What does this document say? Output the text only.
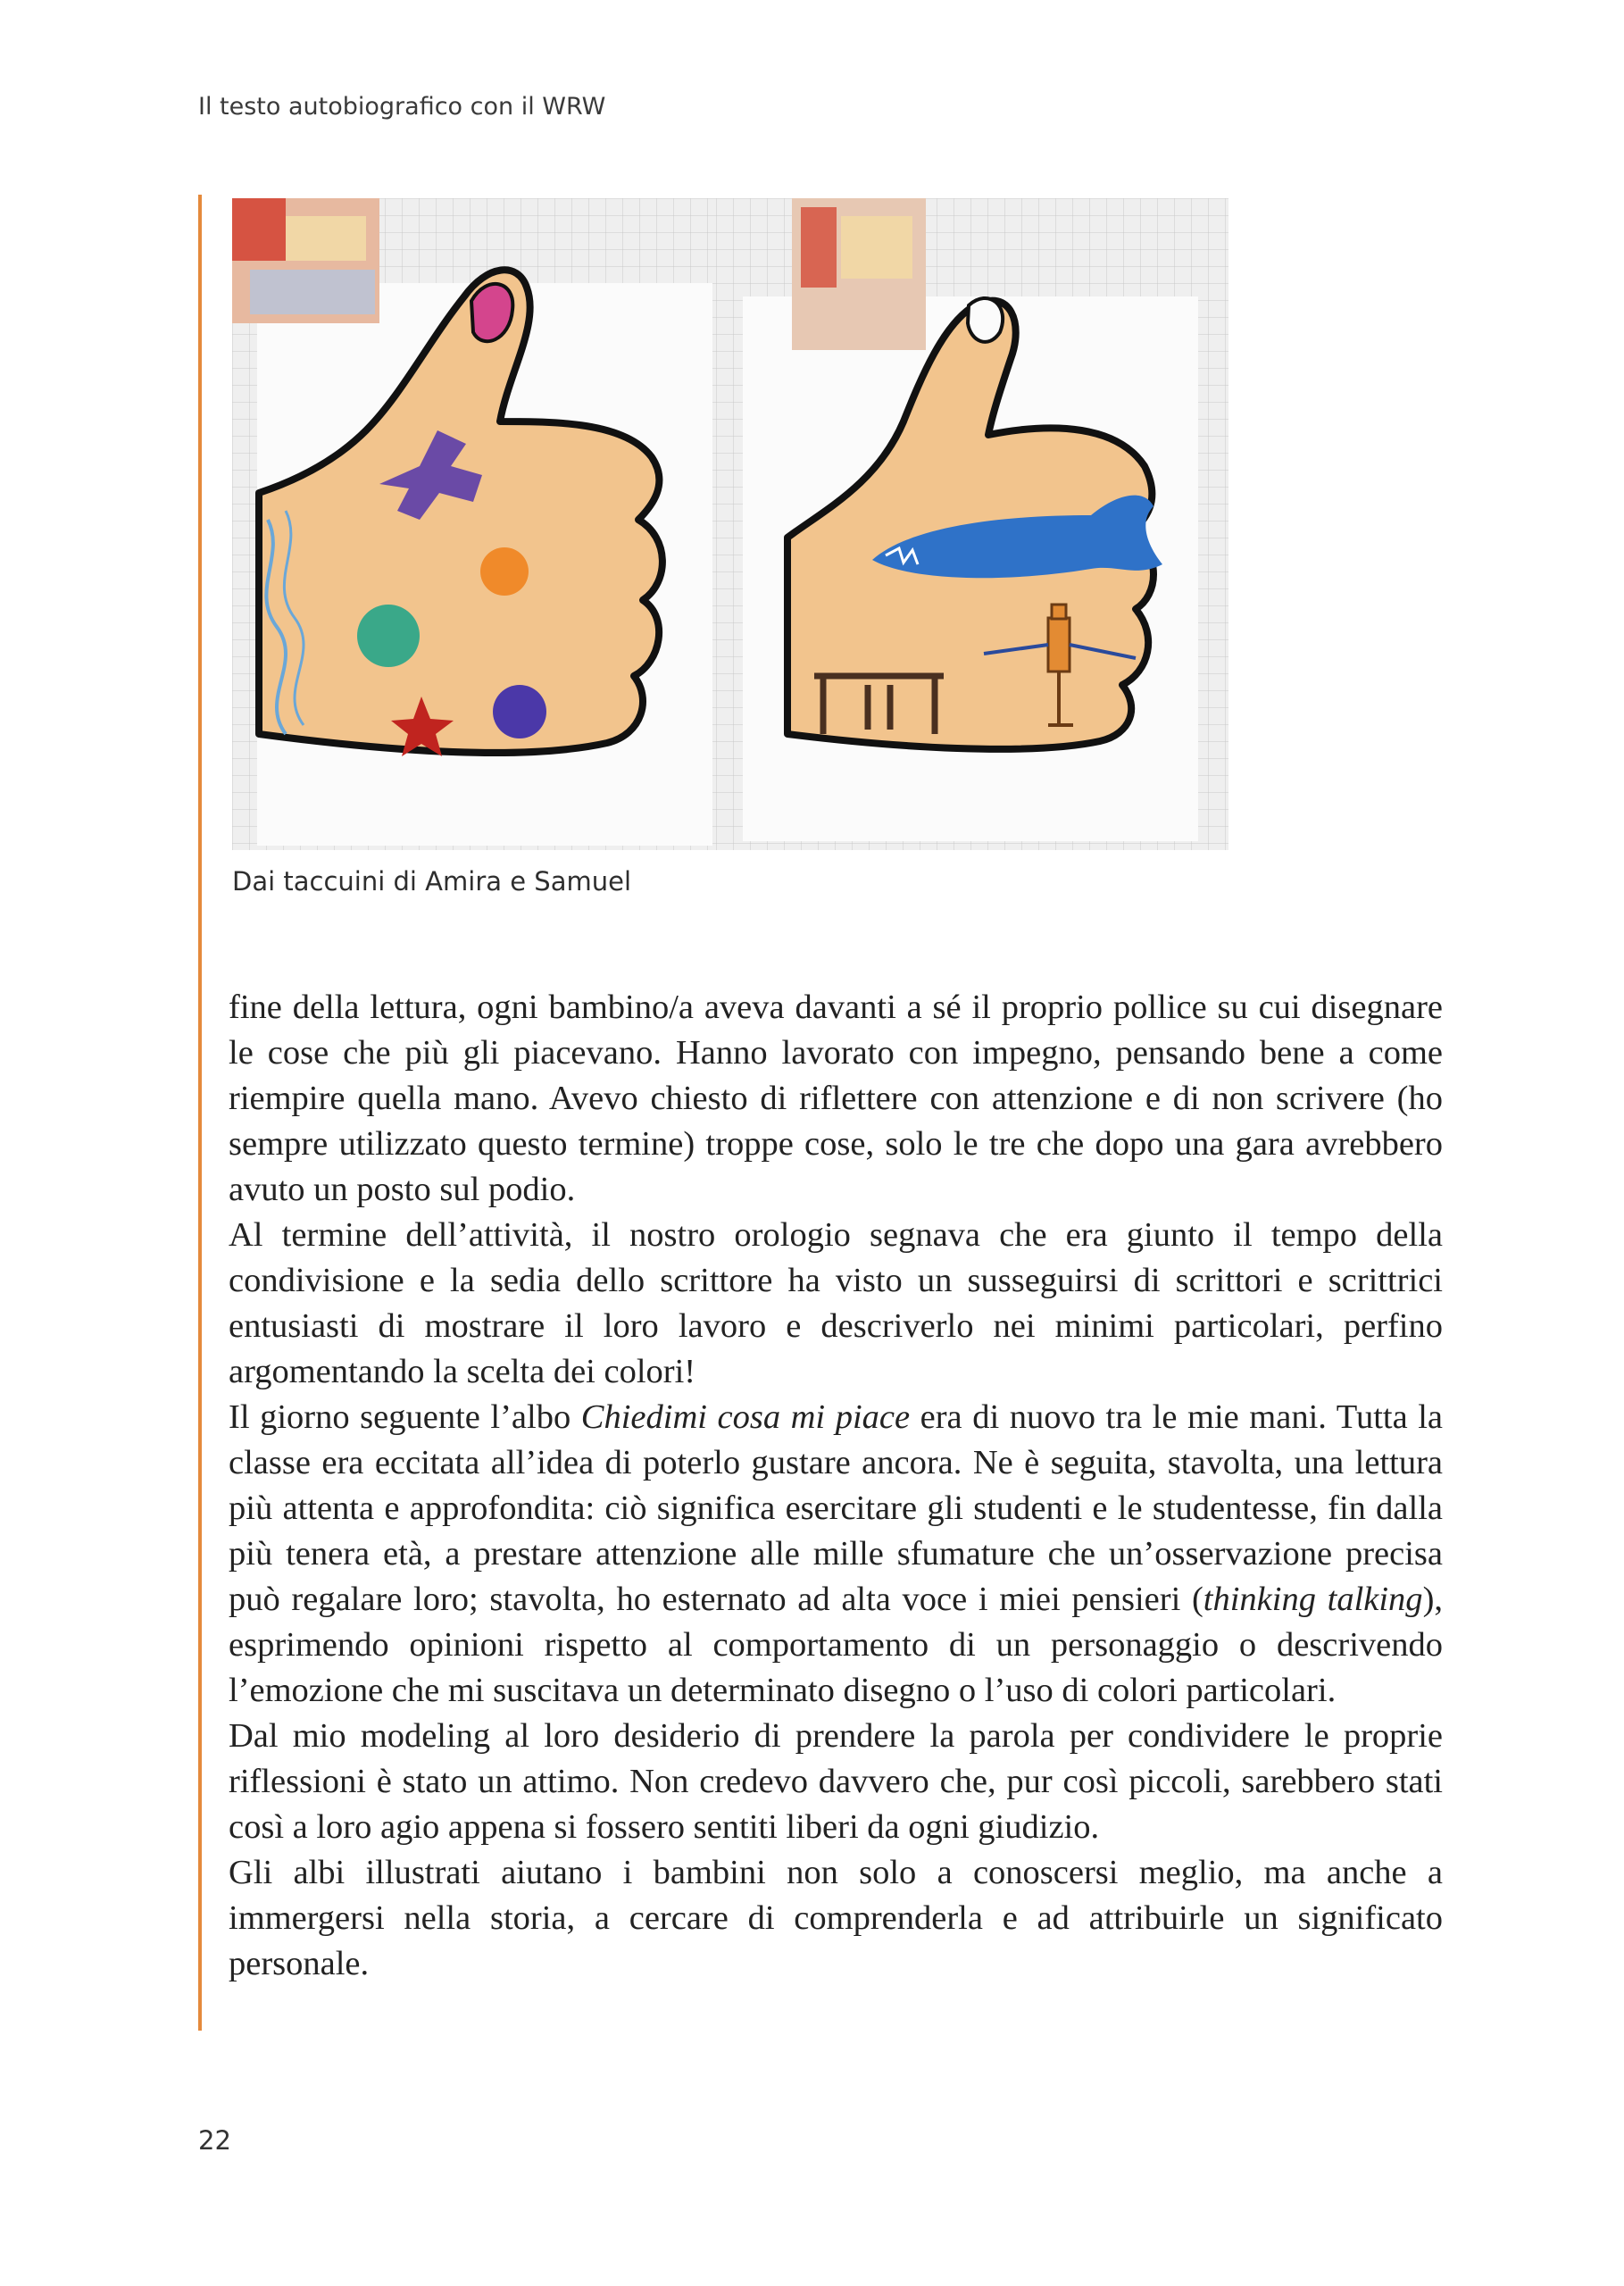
Il testo autobiografico con il WRW
Dai taccuini di Amira e Samuel

fine della lettura, ogni bambino/a aveva davanti a sé il proprio pollice su cui disegnare le cose che più gli piacevano. Hanno lavorato con impegno, pensando bene a come riempire quella mano. Avevo chiesto di riflettere con attenzione e di non scrivere (ho sempre utilizzato questo termine) troppe cose, solo le tre che dopo una gara avrebbero avuto un posto sul podio.

Al termine dell’attività, il nostro orologio segnava che era giunto il tempo della condivisione e la sedia dello scrittore ha visto un susseguirsi di scrittori e scrittrici entusiasti di mostrare il loro lavoro e descriverlo nei minimi particolari, perfino argomentando la scelta dei colori!

Il giorno seguente l’albo Chiedimi cosa mi piace era di nuovo tra le mie mani. Tutta la classe era eccitata all’idea di poterlo gustare ancora. Ne è seguita, stavolta, una lettura più attenta e approfondita: ciò significa esercitare gli studenti e le studentesse, fin dalla più tenera età, a prestare attenzione alle mille sfumature che un’osservazione precisa può regalare loro; stavolta, ho esternato ad alta voce i miei pensieri (thinking talking), esprimendo opinioni rispetto al comportamento di un personaggio o descrivendo l’emozione che mi suscitava un determinato disegno o l’uso di colori particolari.

Dal mio modeling al loro desiderio di prendere la parola per condividere le proprie riflessioni è stato un attimo. Non credevo davvero che, pur così piccoli, sarebbero stati così a loro agio appena si fossero sentiti liberi da ogni giudizio.

Gli albi illustrati aiutano i bambini non solo a conoscersi meglio, ma anche a immergersi nella storia, a cercare di comprenderla e ad attribuirle un significato personale.

22
